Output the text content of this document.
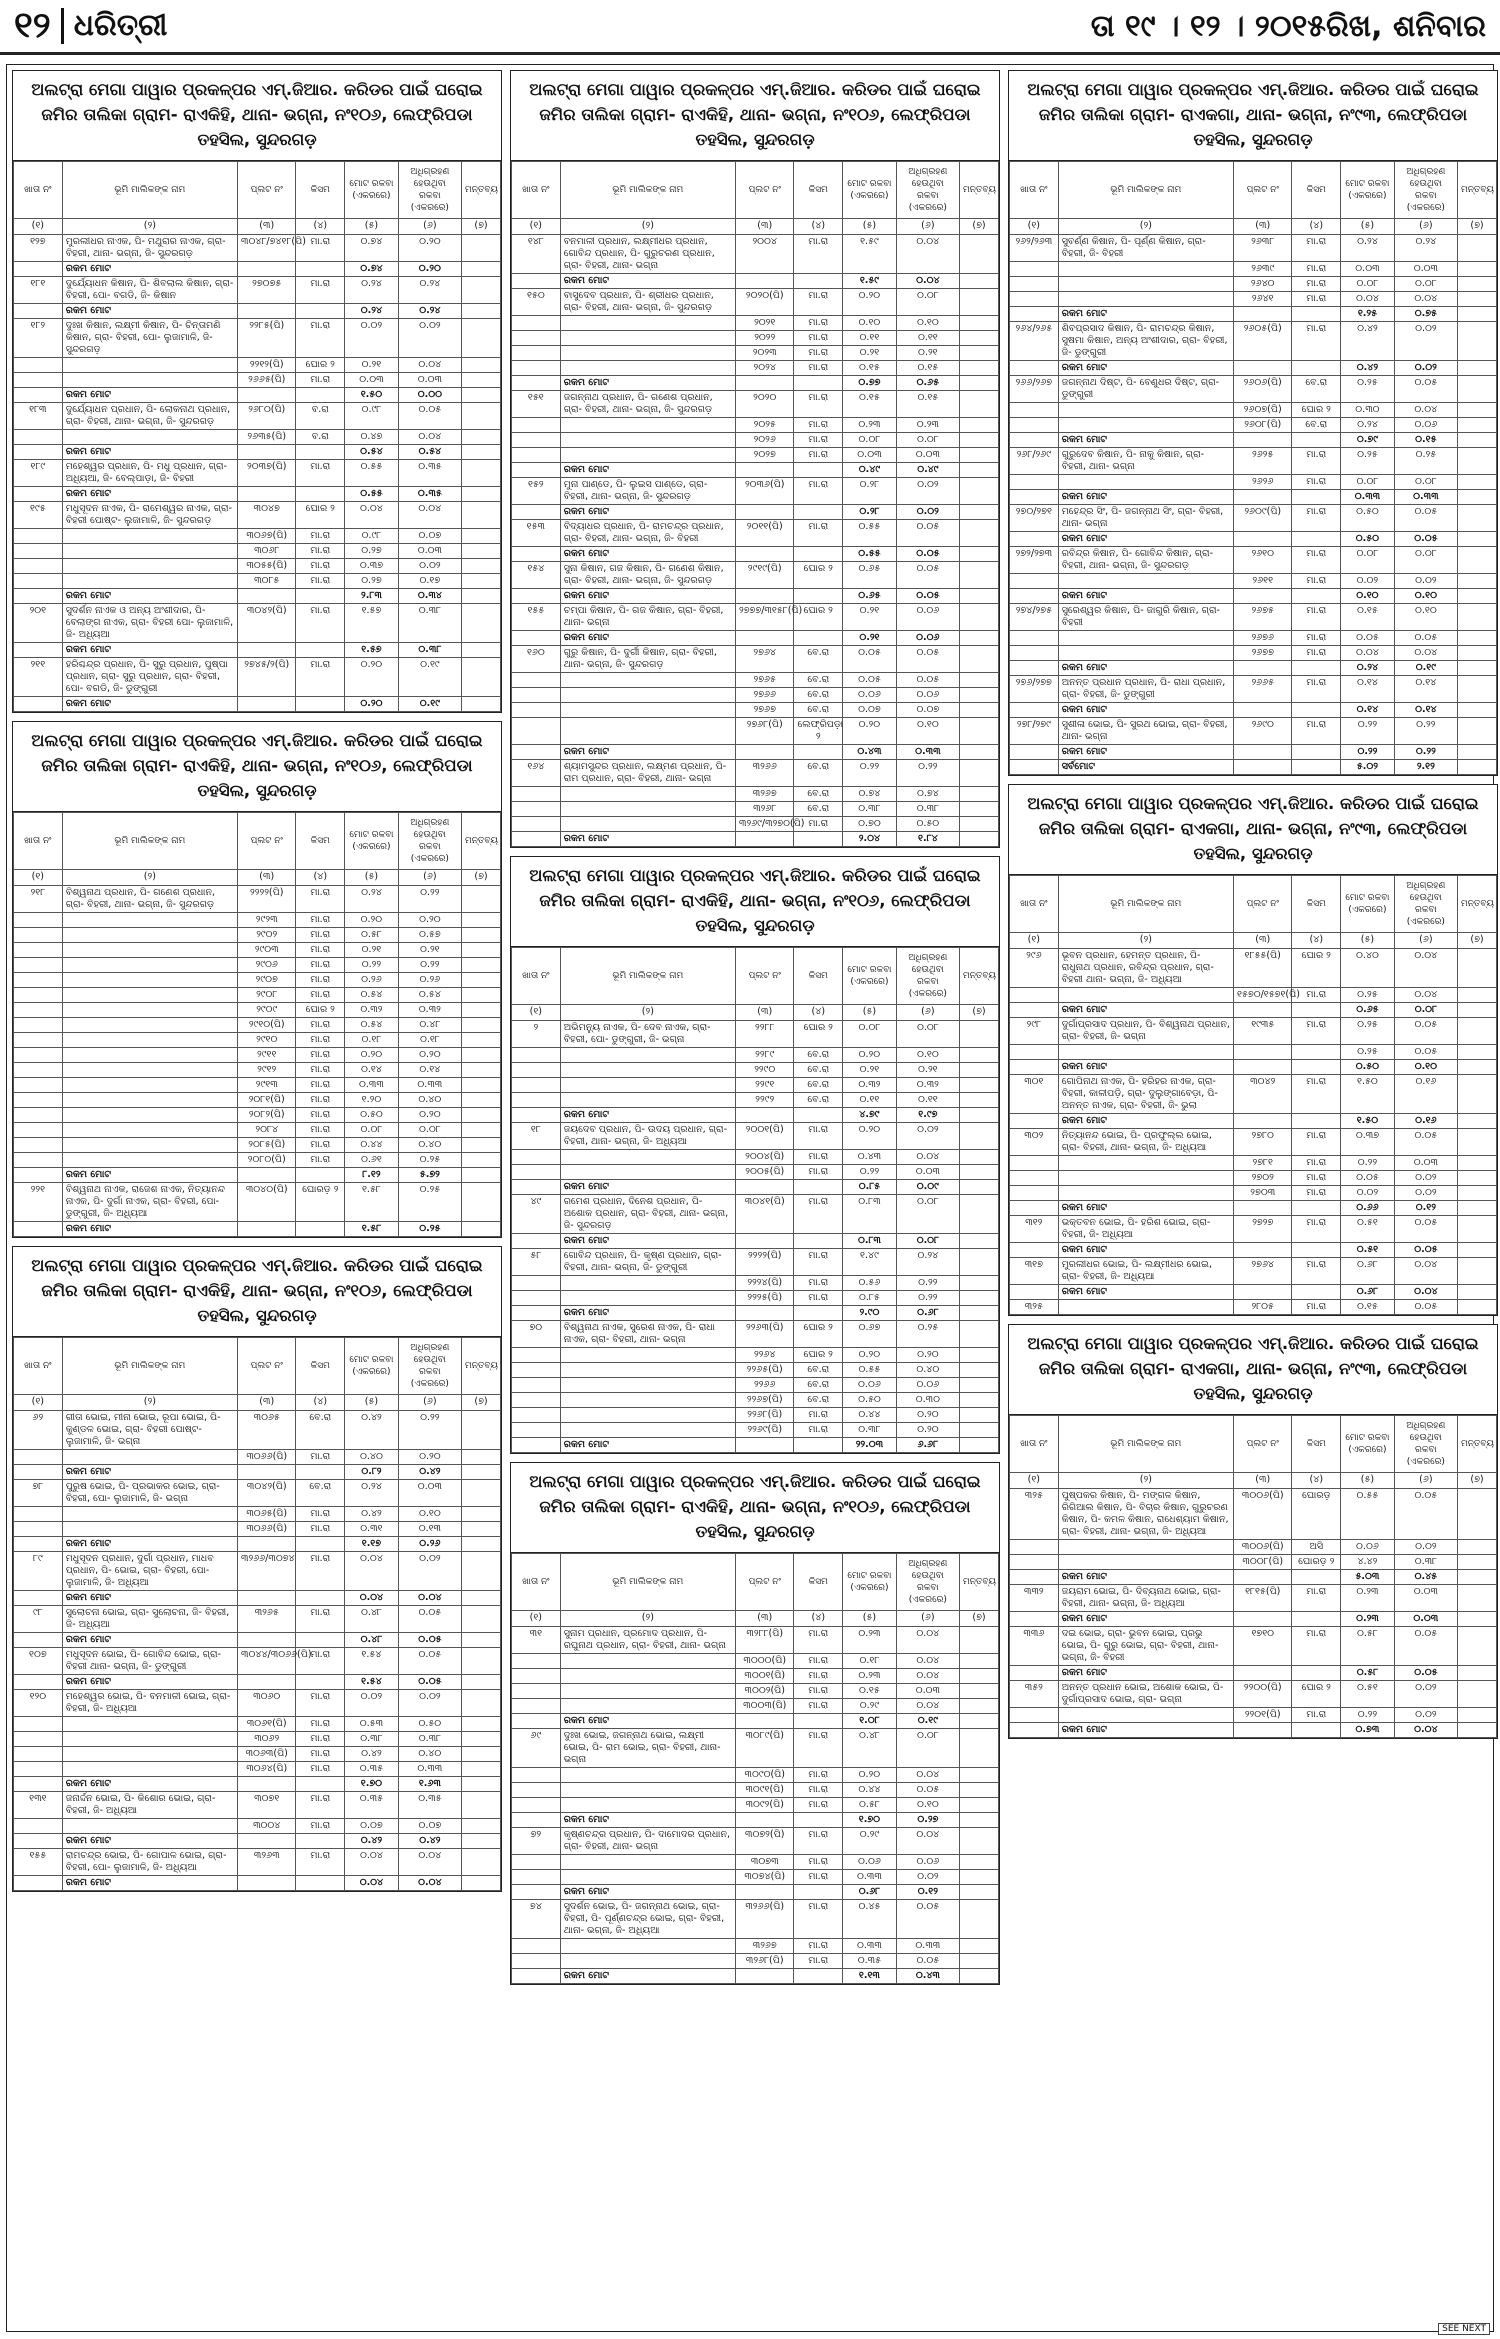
୧୨ ଧରିତ୍ରୀ	ତା ୧୯ । ୧୨ । ୨୦୧୫ରିଖ, ଶନିବାର
ଅଲଟ୍ରା ମେଗା ପାୱାର ପ୍ରକଳ୍ପର ଏମ୍.ଜିଆର. କରିଡର ପାଇଁ ଘରୋଇ ଜମିର ତାଲିକା ଗ୍ରାମ- ରାଏକିହି, ଥାନା- ଭଗ୍ନା, ନଂ୧୦୬, ଲେଫ୍ରିପଡା ତହସିଲ, ସୁନ୍ଦରଗଡ଼
ଖାତା ନଂ	ଭୂମି ମାଲିକଙ୍କ ନାମ	ପ୍ଲଟ ନଂ	କିସମ	ମୋଟ ରକବା (ଏକରରେ)	ଅଧିଗ୍ରହଣ ହେଉଥିବା ରକବା (ଏକରରେ)	ମନ୍ତବ୍ୟ
(୧)	(୨)	(୩)	(୪)	(୫)	(୬)	(୭)
୧୨୭	ମୁରଲୀଧର ନାଏକ, ପି- ମଥୁରାର ନାଏକ, ଗ୍ରା- ବିହରୀ, ଥାନା- ଭଗ୍ନା, ଜି- ସୁନ୍ଦରଗଡ଼	୩୦୪୮/୭୪୧୮(ପି)	ମା.ରା	୦.୭୪	୦.୨୦	
	ରକମ ମୋଟ			୦.୭୪	୦.୨୦	
୧୮୧	ଦୁର୍ଯ୍ୟୋଧନ କିଷାନ, ପି- ଶିବଲାଲ କିଷାନ, ଗ୍ରା- ବିହରୀ, ପୋ- ବଗଡି, ଜି- କିଷାନ	୨୭୦୭୫	ମା.ରା	୦.୨୪	୦.୨୪	
	ରକମ ମୋଟ			୦.୨୪	୦.୨୪	
୧୮୨	ଦୁଃଖ କିଷାନ, ଲକ୍ଷ୍ମୀ କିଷାନ, ପି- ଚିନ୍ତାମଣି କିଷାନ, ଗ୍ରା- ବିହରୀ, ପୋ- ଲୁଜାମାଳି, ଜି- ସୁନ୍ଦରଗଡ଼	୨୨୮୫(ପି)	ମା.ରା	୦.୦୨	୦.୦୨	
		୨୨୧୨(ପି)	ଘୋର ୨	୦.୨୧	୦.୦୪	
		୨୬୬୫(ପି)	ମା.ରା	୦.୦୩	୦.୦୩	
	ରକମ ମୋଟ			୧.୫୦	୦.୦୦	
୧୮୩	ଦୁର୍ଯ୍ୟୋଧନ ପ୍ରଧାନ, ପି- ଲୋକନାଥ ପ୍ରଧାନ, ଗ୍ରା- ବିହରୀ, ଥାନା- ଭଗ୍ନା, ଜି- ସୁନ୍ଦରଗଡ଼	୨୬୮୦(ପି)	ବ.ରା	୦.୯୮	୦.୦୫	
		୨୬୩୫(ପି)	ବ.ରା	୦.୪୭	୦.୦୪	
	ରକମ ମୋଟ			୦.୫୪	୦.୫୪	
୧୮୯	ମହେଶ୍ୱର ପ୍ରଧାନ, ପି- ମଧୁ ପ୍ରଧାନ, ଗ୍ରା- ଅଧ୍ୟିଆ, ଜି- ବେଲ୍ପାଡ଼ା, ଜି- ବିହରୀ	୨୦୩୭(ପି)	ମା.ରା	୦.୫୫	୦.୩୫	
	ରକମ ମୋଟ			୦.୫୫	୦.୩୫	
୧୯୫	ମଧୁସୂଦନ ନାଏକ, ପି- ରାମେଶ୍ୱର ନାଏକ, ଗ୍ରା- ବିହରୀ ପୋଷ୍ଟ- ଲୁଜାମାଳି, ଜି- ସୁନ୍ଦରଗଡ଼	୩୦୪୭	ଘୋର ୨	୦.୦୪	୦.୦୪	
		୩୦୬୭(ପି)	ମା.ରା	୦.୯୮	୦.୦୭	
		୩୦୬୮	ମା.ରା	୦.୨୭	୦.୦୩	
		୩୦୫୫(ପି)	ମା.ରା	୦.୩୭	୦.୦୨	
		୩୦୮୫	ମା.ରା	୦.୨୭	୦.୧୭	
	ରକମ ମୋଟ			୨.୮୩	୦.୩୪	
୨୦୧	ସୁଦର୍ଶନ ନାଏକ ଓ ଅନ୍ୟ ଅଂଶୀଦାର, ପି- ବେଲାଙ୍ଗ ନାଏକ, ଗ୍ରା- ବିହରୀ ପୋ- ଲୁଜାମାଳି, ଜି- ଅଧ୍ୟିଆ	୩୦୪୨(ପି)	ମା.ରା	୧.୫୭	୦.୩୮	
	ରକମ ମୋଟ			୧.୫୭	୦.୩୮	
୨୧୧	ହରିଶ୍ଚନ୍ଦ୍ର ପ୍ରଧାନ, ପି- ସୁରୁ ପ୍ରଧାନ, ପୁଷ୍ପା ପ୍ରଧାନ, ଗ୍ରା- ସୁରୁ ପ୍ରଧାନ, ଗ୍ରା- ବିହରୀ, ପୋ- ବଗଡି, ଜି- ଡୁଙ୍ଗୁରୀ	୨୭୪୫/୨(ପି)	ମା.ରା	୦.୨୦	୦.୧୯	
	ରକମ ମୋଟ			୦.୨୦	୦.୧୯	
ଅଲଟ୍ରା ମେଗା ପାୱାର ପ୍ରକଳ୍ପର ଏମ୍.ଜିଆର. କରିଡର ପାଇଁ ଘରୋଇ ଜମିର ତାଲିକା ଗ୍ରାମ- ରାଏକିହି, ଥାନା- ଭଗ୍ନା, ନଂ୧୦୬, ଲେଫ୍ରିପଡା ତହସିଲ, ସୁନ୍ଦରଗଡ଼
ଖାତା ନଂ	ଭୂମି ମାଲିକଙ୍କ ନାମ	ପ୍ଲଟ ନଂ	କିସମ	ମୋଟ ରକବା (ଏକରରେ)	ଅଧିଗ୍ରହଣ ହେଉଥିବା ରକବା (ଏକରରେ)	ମନ୍ତବ୍ୟ
(୧)	(୨)	(୩)	(୪)	(୫)	(୬)	(୭)
୨୧୮	ବିଶ୍ୱନାଥ ପ୍ରଧାନ, ପି- ଗଣେଶ ପ୍ରଧାନ, ଗ୍ରା- ବିହରୀ, ଥାନା- ଭଗ୍ନା, ଜି- ସୁନ୍ଦରଗଡ଼	୨୨୨୨(ପି)	ମା.ରା	୦.୨୪	୦.୨୨	
		୨୯୨୩	ମା.ରା	୦.୨୦	୦.୨୦	
		୨୯୦୨	ମା.ରା	୦.୫୮	୦.୫୭	
		୨୯୦୩	ମା.ରା	୦.୨୧	୦.୨୧	
		୨୯୦୬	ମା.ରା	୦.୨୨	୦.୨୨	
		୨୯୦୭	ମା.ରା	୦.୨୬	୦.୨୬	
		୨୯୦୮	ମା.ରା	୦.୫୪	୦.୫୪	
		୨୯୦୯	ଘୋର ୨	୦.୩୨	୦.୩୨	
		୨୯୧୦(ପି)	ମା.ରା	୦.୫୪	୦.୪୮	
		୨୯୧୦	ମା.ରା	୦.୧୮	୦.୧୮	
		୨୯୧୧	ମା.ରା	୦.୨୦	୦.୨୦	
		୨୯୧୨	ମା.ରା	୦.୧୪	୦.୧୪	
		୨୯୧୩	ମା.ରା	୦.୩୩	୦.୩୩	
		୨୦୮୧(ପି)	ମା.ରା	୧.୨୦	୦.୪୦	
		୨୦୮୨(ପି)	ମା.ରା	୦.୫୦	୦.୨୦	
		୨୦୮୪	ମା.ରା	୦.୦୮	୦.୦୮	
		୨୦୮୫(ପି)	ମା.ରା	୦.୪୪	୦.୪୦	
		୨୦୮୦(ପି)	ମା.ରା	୦.୬୧	୦.୨୫	
	ରକମ ମୋଟ			୮.୧୨	୫.୭୨	
୨୨୧	ବିଶ୍ୱନାଥ ନାଏକ, ରାଜେଶ ନାଏକ, ନିତ୍ୟାନନ୍ଦ ନାଏକ, ପି- ଦୁର୍ଗା ନାଏକ, ଗ୍ରା- ବିହରୀ, ପୋ- ଡୁଙ୍ଗୁରୀ, ଜି- ଅଧ୍ୟିଆ	୩୦୪୦(ପି)	ଘୋରଡ଼ ୨	୧.୫୮	୦.୨୫	
	ରକମ ମୋଟ			୧.୫୮	୦.୨୫	
ଅଲଟ୍ରା ମେଗା ପାୱାର ପ୍ରକଳ୍ପର ଏମ୍.ଜିଆର. କରିଡର ପାଇଁ ଘରୋଇ ଜମିର ତାଲିକା ଗ୍ରାମ- ରାଏକିହି, ଥାନା- ଭଗ୍ନା, ନଂ୧୦୬, ଲେଫ୍ରିପଡା ତହସିଲ, ସୁନ୍ଦରଗଡ଼
ଖାତା ନଂ	ଭୂମି ମାଲିକଙ୍କ ନାମ	ପ୍ଲଟ ନଂ	କିସମ	ମୋଟ ରକବା (ଏକରରେ)	ଅଧିଗ୍ରହଣ ହେଉଥିବା ରକବା (ଏକରରେ)	ମନ୍ତବ୍ୟ
(୧)	(୨)	(୩)	(୪)	(୫)	(୬)	(୭)
୬୨	ଗୀତା ଭୋଇ, ମୀନା ଭୋଇ, ରୂପା ଭୋଇ, ପି- କୁଣ୍ଡଳ ଭୋଇ, ଗ୍ରା- ବିହରୀ ପୋଷ୍ଟ- ଲୁଜାମାଳି, ଜି- ଭଗ୍ନା	୩୦୬୫	ବେ.ରା	୦.୪୨	୦.୨୨	
		୩୦୬୬(ପି)	ମା.ରା	୦.୪୦	୦.୨୦	
	ରକମ ମୋଟ			୦.୮୨	୦.୪୨	
୭୮	ପୁରୁଷ ଭୋଇ, ପି- ପ୍ରଭାକର ଭୋଇ, ଗ୍ରା- ବିହରୀ, ପୋ- ଲୁଜାମାଳି, ଜି- ଭଗ୍ନା	୩୦୪୨(ପି)	ବେ.ରା	୦.୨୪	୦.୦୩	
		୩୦୬୫(ପି)	ମା.ରା	୦.୪୨	୦.୧୦	
		୩୦୬୬(ପି)	ମା.ରା	୦.୩୧	୦.୧୩	
	ରକମ ମୋଟ			୧.୧୭	୦.୨୬	
୮୯	ମଧୁସୂଦନ ପ୍ରଧାନ, ଦୁର୍ଗା ପ୍ରଧାନ, ମାଧବ ପ୍ରଧାନ, ପି- ଭୋଇ, ଗ୍ରା- ବିହରୀ, ପୋ- ଲୁଜାମାଳି, ଜି- ଅଧ୍ୟିଆ	୩୨୬୬/୩୦୭୪	ମା.ରା	୦.୦୪	୦.୦୨	
	ରକମ ମୋଟ			୦.୦୪	୦.୦୪	
୯୮	ସୁଲୋଚନା ଭୋଇ, ଗ୍ରା- ସୁଲୋଚନା, ଜି- ବିହରୀ, ଜି- ଅଧ୍ୟିଆ	୩୨୬୫	ମା.ରା	୦.୪୮	୦.୦୫	
	ରକମ ମୋଟ			୦.୪୮	୦.୦୫	
୧୦୭	ମଧୁସୂଦନ ଭୋଇ, ପି- ଗୋବିନ୍ଦ ଭୋଇ, ଗ୍ରା- ବିହରୀ ଥାନା- ଭଗ୍ନା, ଜି- ଡୁଙ୍ଗୁରୀ	୩୦୪୪/୩୦୬୬(ପି)	ମା.ରା	୧.୫୪	୦.୦୫	
	ରକମ ମୋଟ			୧.୫୪	୦.୦୫	
୧୨୦	ମହେଶ୍ୱର ଭୋଇ, ପି- ବନମାଳୀ ଭୋଇ, ଗ୍ରା- ବିହରୀ, ଜି- ଅଧ୍ୟିଆ	୩୦୬୦	ମା.ରା	୦.୦୨	୦.୦୨	
		୩୦୬୧(ପି)	ମା.ରା	୦.୫୩	୦.୫୦	
		୩୦୬୨	ମା.ରା	୦.୩୮	୦.୩୮	
		୩୦୬୩(ପି)	ମା.ରା	୦.୪୨	୦.୪୦	
		୩୦୬୪(ପି)	ମା.ରା	୦.୩୫	୦.୩୩	
	ରକମ ମୋଟ			୧.୭୦	୧.୬୩	
୧୩୧	ଜନାର୍ଦ୍ଦନ ଭୋଇ, ପି- କିଶୋର ଭୋଇ, ଗ୍ରା- ବିହରୀ, ଜି- ଅଧ୍ୟିଆ	୩୦୭୧	ମା.ରା	୦.୩୫	୦.୩୫	
		୩୦୦୪	ମା.ରା	୦.୦୭	୦.୦୭	
	ରକମ ମୋଟ			୦.୪୨	୦.୪୨	
୧୫୫	ରାମଚନ୍ଦ୍ର ଭୋଇ, ପି- ଗୋପାଳ ଭୋଇ, ଗ୍ରା- ବିହରୀ, ପୋ- ଲୁଜାମାଳି, ଜି- ଅଧ୍ୟିଆ	୩୨୬୩	ମା.ରା	୦.୦୪	୦.୦୪	
	ରକମ ମୋଟ			୦.୦୪	୦.୦୪	
ଅଲଟ୍ରା ମେଗା ପାୱାର ପ୍ରକଳ୍ପର ଏମ୍.ଜିଆର. କରିଡର ପାଇଁ ଘରୋଇ ଜମିର ତାଲିକା ଗ୍ରାମ- ରାଏକିହି, ଥାନା- ଭଗ୍ନା, ନଂ୧୦୬, ଲେଫ୍ରିପଡା ତହସିଲ, ସୁନ୍ଦରଗଡ଼
ଖାତା ନଂ	ଭୂମି ମାଲିକଙ୍କ ନାମ	ପ୍ଲଟ ନଂ	କିସମ	ମୋଟ ରକବା (ଏକରରେ)	ଅଧିଗ୍ରହଣ ହେଉଥିବା ରକବା (ଏକରରେ)	ମନ୍ତବ୍ୟ
(୧)	(୨)	(୩)	(୪)	(୫)	(୬)	(୭)
୧୪୮	ବନମାଳୀ ପ୍ରଧାନ, ଲକ୍ଷ୍ମୀଧର ପ୍ରଧାନ, ଗୋବିନ୍ଦ ପ୍ରଧାନ, ପି- ଗୁରୁଚରଣ ପ୍ରଧାନ, ଗ୍ରା- ବିହରୀ, ଥାନା- ଭଗ୍ନା	୨୦୦୪	ମା.ରା	୧.୫୯	୦.୦୪	
	ରକମ ମୋଟ			୧.୫୯	୦.୦୪	
୧୫୦	ବାସୁଦେବ ପ୍ରଧାନ, ପି- ଶ୍ରୀଧର ପ୍ରଧାନ, ଗ୍ରା- ବିହରୀ, ଥାନା- ଭଗ୍ନା, ଜି- ସୁନ୍ଦରଗଡ଼	୨୦୨୦(ପି)	ମା.ରା	୦.୨୦	୦.୦୮	
		୨୦୨୧	ମା.ରା	୦.୧୦	୦.୧୦	
		୨୦୨୨	ମା.ରା	୦.୧୧	୦.୧୧	
		୨୦୨୩	ମା.ରା	୦.୨୧	୦.୨୧	
		୨୦୨୪	ମା.ରା	୦.୧୫	୦.୧୫	
	ରକମ ମୋଟ			୦.୭୭	୦.୬୫	
୧୫୧	ଜଗନ୍ନାଥ ପ୍ରଧାନ, ପି- ଗଣେଶ ପ୍ରଧାନ, ଗ୍ରା- ବିହରୀ, ଥାନା- ଭଗ୍ନା, ଜି- ସୁନ୍ଦରଗଡ଼	୨୦୨୦	ମା.ରା	୦.୧୫	୦.୧୫	
		୨୦୨୫	ମା.ରା	୦.୨୩	୦.୨୩	
		୨୦୨୬	ମା.ରା	୦.୦୮	୦.୦୮	
		୨୦୨୭	ମା.ରା	୦.୦୩	୦.୦୩	
	ରକମ ମୋଟ			୦.୪୯	୦.୪୯	
୧୫୨	ମୁନା ପାଣ୍ଡେ, ପି- ଲୁଇସ ପାଣ୍ଡେ, ଗ୍ରା- ବିହରୀ, ଥାନା- ଭଗ୍ନା, ଜି- ସୁନ୍ଦରଗଡ଼	୨୦୩୬(ପି)	ମା.ରା	୦.୨୮	୦.୦୨	
	ରକମ ମୋଟ			୦.୨୮	୦.୦୨	
୧୫୩	ବିଦ୍ୟାଧର ପ୍ରଧାନ, ପି- ରାମଚନ୍ଦ୍ର ପ୍ରଧାନ, ଗ୍ରା- ବିହରୀ, ଥାନା- ଭଗ୍ନା, ଜି- ବିହରୀ	୨୦୧୧(ପି)	ମା.ରା	୦.୫୫	୦.୦୫	
	ରକମ ମୋଟ			୦.୫୫	୦.୦୫	
୧୫୪	ସୁନା କିଷାନ, ଗଜ କିଷାନ, ପି- ଗଣେଶ କିଷାନ, ଗ୍ରା- ବିହରୀ, ଥାନା- ଭଗ୍ନା, ଜି- ସୁନ୍ଦରଗଡ଼	୨୯୧୯(ପି)	ଘୋର ୨	୦.୬୫	୦.୦୫	
	ରକମ ମୋଟ			୦.୬୫	୦.୦୫	
୧୫୫	ଚମ୍ପା କିଷାନ, ପି- ଗଜ କିଷାନ, ଗ୍ରା- ବିହରୀ, ଥାନା- ଭଗ୍ନା	୨୭୭୭/୩୧୫୮(ପି)	ଘୋର ୨	୦.୨୧	୦.୦୬	
	ରକମ ମୋଟ			୦.୨୧	୦.୦୬	
୧୬୦	ଗୁରୁ କିଷାନ, ପି- ଦୁର୍ଗୀ କିଷାନ, ଗ୍ରା- ବିହରୀ, ଥାନା- ଭଗ୍ନା, ଜି- ସୁନ୍ଦରଗଡ଼	୨୭୬୪	ବେ.ରା	୦.୦୫	୦.୦୫	
		୨୭୬୫	ବେ.ରା	୦.୦୫	୦.୦୫	
		୨୭୬୬	ବେ.ରା	୦.୦୬	୦.୦୬	
		୨୭୬୭	ବେ.ରା	୦.୦୭	୦.୦୭	
		୨୭୬୮(ପି)	ଲେଫ୍ରିପଡ଼ା ୨	୦.୨୦	୦.୧୦	
	ରକମ ମୋଟ			୦.୪୩	୦.୩୩	
୧୬୪	ଶ୍ୟାମସୁନ୍ଦର ପ୍ରଧାନ, ଲକ୍ଷ୍ମଣ ପ୍ରଧାନ, ପି- ରାମ ପ୍ରଧାନ, ଗ୍ରା- ବିହରୀ, ଥାନା- ଭଗ୍ନା	୩୨୬୬	ବେ.ରା	୦.୨୨	୦.୨୨	
		୩୨୬୭	ବେ.ରା	୦.୭୪	୦.୭୪	
		୩୨୬୮	ବେ.ରା	୦.୩୮	୦.୩୮	
		୩୨୬୯/୩୨୭୦(ପି)	ମା.ରା	୦.୭୦	୦.୫୦	
	ରକମ ମୋଟ			୨.୦୪	୧.୮୪	
ଅଲଟ୍ରା ମେଗା ପାୱାର ପ୍ରକଳ୍ପର ଏମ୍.ଜିଆର. କରିଡର ପାଇଁ ଘରୋଇ ଜମିର ତାଲିକା ଗ୍ରାମ- ରାଏକିହି, ଥାନା- ଭଗ୍ନା, ନଂ୧୦୬, ଲେଫ୍ରିପଡା ତହସିଲ, ସୁନ୍ଦରଗଡ଼
ଖାତା ନଂ	ଭୂମି ମାଲିକଙ୍କ ନାମ	ପ୍ଲଟ ନଂ	କିସମ	ମୋଟ ରକବା (ଏକରରେ)	ଅଧିଗ୍ରହଣ ହେଉଥିବା ରକବା (ଏକରରେ)	ମନ୍ତବ୍ୟ
(୧)	(୨)	(୩)	(୪)	(୫)	(୬)	(୭)
୨	ଅଭିମନ୍ୟୁ ନାଏକ, ପି- ଦେବ ନାଏକ, ଗ୍ରା- ବିହରୀ, ପୋ- ଡୁଙ୍ଗୁରୀ, ଜି- ଭଗ୍ନା	୨୨୮୮	ଘୋର ୨	୦.୦୮	୦.୦୮	
		୨୨୮୯	ବେ.ରା	୦.୨୦	୦.୧୦	
		୨୨୯୦	ବେ.ରା	୦.୨୧	୦.୨୧	
		୨୨୯୧	ବେ.ରା	୦.୩୨	୦.୩୨	
		୨୨୯୨	ବେ.ରା	୦.୧୧	୦.୧୧	
	ରକମ ମୋଟ			୪.୭୯	୧.୯୭	
୧୮	ଜୟଦେବ ପ୍ରଧାନ, ପି- ଉଦୟ ପ୍ରଧାନ, ଗ୍ରା- ବିହରୀ, ଥାନା- ଭଗ୍ନା, ଜି- ଅଧ୍ୟିଆ	୨୦୦୧(ପି)	ମା.ରା	୦.୨୦	୦.୦୨	
		୨୦୦୪(ପି)	ମା.ରା	୦.୪୩	୦.୦୪	
		୨୦୦୫(ପି)	ମା.ରା	୦.୨୨	୦.୦୩	
	ରକମ ମୋଟ			୦.୮୫	୦.୦୯	
୪୯	ରମେଶ ପ୍ରଧାନ, ଦିନେଶ ପ୍ରଧାନ, ପି- ଅଶୋକ ପ୍ରଧାନ, ଗ୍ରା- ବିହରୀ, ଥାନା- ଭଗ୍ନା, ଜି- ସୁନ୍ଦରଗଡ଼	୩୦୪୧(ପି)	ମା.ରା	୦.୮୩	୦.୦୮	
	ରକମ ମୋଟ			୦.୮୩	୦.୦୮	
୫୮	ଗୋବିନ୍ଦ ପ୍ରଧାନ, ପି- କୃଷ୍ଣ ପ୍ରଧାନ, ଗ୍ରା- ବିହରୀ, ଥାନା- ଭଗ୍ନା, ଜି- ଡୁଙ୍ଗୁରୀ	୨୨୨୨(ପି)	ମା.ରା	୧.୪୯	୦.୨୪	
		୨୨୨୪(ପି)	ମା.ରା	୦.୫୬	୦.୨୨	
		୨୨୨୫(ପି)	ମା.ରା	୦.୮୫	୦.୨୨	
	ରକମ ମୋଟ			୨.୯୦	୦.୬୮	
୭୦	ବିଶ୍ୱନାଥ ନାଏକ, ସୁରେଶ ନାଏକ, ପି- ରାଧା ନାଏକ, ଗ୍ରା- ବିହରୀ, ଥାନା- ଭଗ୍ନା	୨୨୬୩(ପି)	ଘୋର ୨	୦.୬୭	୦.୨୫	
		୨୨୬୪	ଘୋର ୨	୦.୨୦	୦.୨୦	
		୨୨୬୫(ପି)	ବେ.ରା	୦.୫୫	୦.୪୦	
		୨୨୬୬	ବେ.ରା	୦.୦୬	୦.୦୬	
		୨୨୬୭(ପି)	ବେ.ରା	୦.୫୦	୦.୩୦	
		୨୨୬୮(ପି)	ମା.ରା	୦.୪୪	୦.୨୦	
		୨୨୬୯(ପି)	ମା.ରା	୦.୩୮	୦.୨୦	
	ରକମ ମୋଟ			୨୨.୦୩	୬.୬୮	
ଅଲଟ୍ରା ମେଗା ପାୱାର ପ୍ରକଳ୍ପର ଏମ୍.ଜିଆର. କରିଡର ପାଇଁ ଘରୋଇ ଜମିର ତାଲିକା ଗ୍ରାମ- ରାଏକିହି, ଥାନା- ଭଗ୍ନା, ନଂ୧୦୬, ଲେଫ୍ରିପଡା ତହସିଲ, ସୁନ୍ଦରଗଡ଼
ଖାତା ନଂ	ଭୂମି ମାଲିକଙ୍କ ନାମ	ପ୍ଲଟ ନଂ	କିସମ	ମୋଟ ରକବା (ଏକରରେ)	ଅଧିଗ୍ରହଣ ହେଉଥିବା ରକବା (ଏକରରେ)	ମନ୍ତବ୍ୟ
(୧)	(୨)	(୩)	(୪)	(୫)	(୬)	(୭)
୩୧	ସୁନାମ ପ୍ରଧାନ, ପ୍ରମୋଦ ପ୍ରଧାନ, ପି- ରଘୁନାଥ ପ୍ରଧାନ, ଗ୍ରା- ବିହରୀ, ଥାନା- ଭଗ୍ନା	୩୨୮୮(ପି)	ମା.ରା	୦.୨୩	୦.୦୪	
		୩୦୦୦(ପି)	ମା.ରା	୦.୧୮	୦.୦୪	
		୩୦୦୧(ପି)	ମା.ରା	୦.୨୩	୦.୦୪	
		୩୦୦୨(ପି)	ମା.ରା	୦.୧୫	୦.୦୩	
		୩୦୦୩(ପି)	ମା.ରା	୦.୨୯	୦.୦୪	
	ରକମ ମୋଟ			୧.୦୮	୦.୧୯	
୬୯	ଦୁଃଖ ଭୋଇ, ଜଗନ୍ନାଥ ଭୋଇ, ଲକ୍ଷ୍ମୀ ଭୋଇ, ପି- ରାମ ଭୋଇ, ଗ୍ରା- ବିହରୀ, ଥାନା- ଭଗ୍ନା	୩୦୮୯(ପି)	ମା.ରା	୦.୪୮	୦.୦୮	
		୩୦୯୦(ପି)	ମା.ରା	୦.୨୦	୦.୦୪	
		୩୦୯୧(ପି)	ମା.ରା	୦.୪୪	୦.୦୫	
		୩୦୯୨(ପି)	ମା.ରା	୦.୫୮	୦.୧୦	
	ରକମ ମୋଟ			୧.୭୦	୦.୨୭	
୭୨	କୃଷ୍ଣଚନ୍ଦ୍ର ପ୍ରଧାନ, ପି- ଦାମୋଦର ପ୍ରଧାନ, ଗ୍ରା- ବିହରୀ, ଥାନା- ଭଗ୍ନା	୩୦୭୨(ପି)	ମା.ରା	୦.୨୯	୦.୦୪	
		୩୦୭୩	ମା.ରା	୦.୦୬	୦.୦୬	
		୩୦୭୪(ପି)	ମା.ରା	୦.୩୩	୦.୦୨	
	ରକମ ମୋଟ			୦.୬୮	୦.୧୨	
୭୪	ସୁଦର୍ଶନ ଭୋଇ, ପି- ଜଗନ୍ନାଥ ଭୋଇ, ଗ୍ରା- ବିହରୀ, ପି- ପୂର୍ଣ୍ଣଚନ୍ଦ୍ର ଭୋଇ, ଗ୍ରା- ବିହରୀ, ଥାନା- ଭଗ୍ନା, ଜି- ଅଧ୍ୟିଆ	୩୨୬୬(ପି)	ମା.ରା	୦.୪୫	୦.୦୫	
		୩୨୬୭	ମା.ରା	୦.୩୩	୦.୩୩	
		୩୨୬୮(ପି)	ମା.ରା	୦.୩୫	୦.୦୫	
	ରକମ ମୋଟ			୧.୧୩	୦.୪୩	
ଅଲଟ୍ରା ମେଗା ପାୱାର ପ୍ରକଳ୍ପର ଏମ୍.ଜିଆର. କରିଡର ପାଇଁ ଘରୋଇ ଜମିର ତାଲିକା ଗ୍ରାମ- ରାଏକଗା, ଥାନା- ଭଗ୍ନା, ନଂ୯୩, ଲେଫ୍ରିପଡା ତହସିଲ, ସୁନ୍ଦରଗଡ଼
ଖାତା ନଂ	ଭୂମି ମାଲିକଙ୍କ ନାମ	ପ୍ଲଟ ନଂ	କିସମ	ମୋଟ ରକବା (ଏକରରେ)	ଅଧିଗ୍ରହଣ ହେଉଥିବା ରକବା (ଏକରରେ)	ମନ୍ତବ୍ୟ
(୧)	(୨)	(୩)	(୪)	(୫)	(୬)	(୭)
୨୬୨/୨୬୩	ସୁବର୍ଣ୍ଣ କିଷାନ, ପି- ପୂର୍ଣ୍ଣ କିଷାନ, ଗ୍ରା- ବିହରୀ, ଜି- ବିହରୀ	୨୬୩୮	ମା.ରା	୦.୨୪	୦.୨୪	
		୨୬୩୯	ମା.ରା	୦.୦୩	୦.୦୩	
		୨୬୪୦	ମା.ରା	୦.୦୮	୦.୦୮	
		୨୬୪୧	ମା.ରା	୦.୦୪	୦.୦୪	
	ରକମ ମୋଟ			୧.୨୫	୦.୭୫	
୨୬୪/୨୬୫	ଶିବପ୍ରସାଦ କିଷାନ, ପି- ରାମଚନ୍ଦ୍ର କିଷାନ, ସୁଷମା କିଷାନ, ଅନ୍ୟ ଅଂଶୀଦାର, ଗ୍ରା- ବିହରୀ, ଜି- ଡୁଙ୍ଗୁରୀ	୨୬୦୫(ପି)	ମା.ରା	୦.୪୨	୦.୦୨	
	ରକମ ମୋଟ			୦.୪୨	୦.୦୨	
୨୬୬/୨୬୭	ଜଗନ୍ନାଥ ଦିଷ୍ଟ, ପି- ବେଣୁଧର ଦିଷ୍ଟ, ଗ୍ରା- ଡୁଙ୍ଗୁରୀ	୨୬୦୬(ପି)	ବେ.ରା	୦.୨୫	୦.୦୫	
		୨୬୦୭(ପି)	ଘୋର ୨	୦.୩୦	୦.୦୪	
		୨୬୦୮(ପି)	ବେ.ରା	୦.୨୪	୦.୦୬	
	ରକମ ମୋଟ			୦.୭୯	୦.୧୫	
୨୬୮/୨୬୯	ଗୁରୁଦେବ କିଷାନ, ପି- ନାକୁ କିଷାନ, ଗ୍ରା- ବିହରୀ, ଥାନା- ଭଗ୍ନା	୨୬୨୫	ମା.ରା	୦.୨୫	୦.୨୫	
		୨୬୨୬	ମା.ରା	୦.୦୮	୦.୦୮	
	ରକମ ମୋଟ			୦.୩୩	୦.୩୩	
୨୭୦/୨୭୧	ମହେନ୍ଦ୍ର ସିଂ, ପି- ଜଗନ୍ନାଥ ସିଂ, ଗ୍ରା- ବିହରୀ, ଥାନା- ଭଗ୍ନା	୨୬୦୯(ପି)	ମା.ରା	୦.୫୦	୦.୦୫	
	ରକମ ମୋଟ			୦.୫୦	୦.୦୫	
୨୭୨/୨୭୩	ରବିନ୍ଦ୍ର କିଷାନ, ପି- ଗୋବିନ୍ଦ କିଷାନ, ଗ୍ରା- ବିହରୀ, ଥାନା- ଭଗ୍ନା, ଜି- ସୁନ୍ଦରଗଡ଼	୨୬୧୦	ମା.ରା	୦.୦୮	୦.୦୮	
		୨୬୧୧	ମା.ରା	୦.୦୨	୦.୦୨	
	ରକମ ମୋଟ			୦.୧୦	୦.୧୦	
୨୭୪/୨୭୫	ସୁରେଶ୍ୱର କିଷାନ, ପି- ଜାଗୁରି କିଷାନ, ଗ୍ରା- ବିହରୀ	୨୬୭୫	ମା.ରା	୦.୧୫	୦.୧୦	
		୨୬୭୬	ମା.ରା	୦.୦୫	୦.୦୫	
		୨୬୭୭	ମା.ରା	୦.୦୪	୦.୦୪	
	ରକମ ମୋଟ			୦.୨୪	୦.୧୯	
୨୭୬/୨୭୭	ଅନନ୍ତ ପ୍ରଧାନ ପ୍ରଧାନ, ପି- ରାଧା ପ୍ରଧାନ, ଗ୍ରା- ବିହରୀ, ଜି- ଡୁଙ୍ଗୁରୀ	୨୬୬୫	ମା.ରା	୦.୧୪	୦.୧୪	
	ରକମ ମୋଟ			୦.୧୪	୦.୧୪	
୨୭୮/୨୭୯	ସୁଶୀଳା ଭୋଇ, ପି- ସୁରଥ ଭୋଇ, ଗ୍ରା- ବିହରୀ, ଥାନା- ଭଗ୍ନା	୨୬୯୦	ମା.ରା	୦.୨୨	୦.୨୨	
	ରକମ ମୋଟ			୦.୨୨	୦.୨୨	
	ସର୍ବମୋଟ			୫.୦୨	୨.୧୨	
ଅଲଟ୍ରା ମେଗା ପାୱାର ପ୍ରକଳ୍ପର ଏମ୍.ଜିଆର. କରିଡର ପାଇଁ ଘରୋଇ ଜମିର ତାଲିକା ଗ୍ରାମ- ରାଏକଗା, ଥାନା- ଭଗ୍ନା, ନଂ୯୩, ଲେଫ୍ରିପଡା ତହସିଲ, ସୁନ୍ଦରଗଡ଼
ଖାତା ନଂ	ଭୂମି ମାଲିକଙ୍କ ନାମ	ପ୍ଲଟ ନଂ	କିସମ	ମୋଟ ରକବା (ଏକରରେ)	ଅଧିଗ୍ରହଣ ହେଉଥିବା ରକବା (ଏକରରେ)	ମନ୍ତବ୍ୟ
(୧)	(୨)	(୩)	(୪)	(୫)	(୬)	(୭)
୨୯୬	ଭୂବନ ପ୍ରଧାନ, ହେମନ୍ତ ପ୍ରଧାନ, ପି- ରାଧୁନାଥ ପ୍ରଧାନ, ରବିନ୍ଦ୍ର ପ୍ରଧାନ, ଗ୍ରା- ବିହରୀ ଥାନା- ଭଗ୍ନା, ଜି- ଅଧ୍ୟିଆ	୧୮୫୫(ପି)	ଘୋର ୨	୦.୪୦	୦.୦୪	
		୧୫୭୦/୧୫୭୧(ପି)	ମା.ରା	୦.୨୫	୦.୦୪	
	ରକମ ମୋଟ			୦.୬୫	୦.୦୮	
୨୯୮	ଦୁର୍ଗାପ୍ରସାଦ ପ୍ରଧାନ, ପି- ବିଶ୍ୱନାଥ ପ୍ରଧାନ, ଗ୍ରା- ବିହରୀ, ଜି- ଭଗ୍ନା	୧୯୩୫	ମା.ରା	୦.୨୫	୦.୦୫	
				୦.୨୫	୦.୦୫	
	ରକମ ମୋଟ			୦.୫୦	୦.୧୦	
୩୦୧	ଗୋପିନାଥ ନାଏକ, ପି- ହରିହର ନାଏକ, ଗ୍ରା- ବିହରୀ, କାଳୀପଡ଼ି, ଗ୍ରା- ଦୁଲୁଙ୍ଗାବେଡ଼ା, ପି- ଅନନ୍ତ ନାଏକ, ଗ୍ରା- ବିହରୀ, ଜି- ଭୁଲା	୩୦୪୨	ମା.ରା	୧.୫୦	୦.୧୬	
	ରକମ ମୋଟ			୧.୫୦	୦.୧୬	
୩୦୨	ନିତ୍ୟାନନ୍ଦ ଭୋଇ, ପି- ପ୍ରଫୁଲ୍ଲ ଭୋଇ, ଗ୍ରା- ବିହରୀ, ଥାନା- ଭଗ୍ନା, ଜି- ଅଧ୍ୟିଆ	୨୭୮୦	ମା.ରା	୦.୩୭	୦.୦୫	
		୨୭୮୧	ମା.ରା	୦.୨୨	୦.୦୩	
		୨୭୦୨	ମା.ରା	୦.୦୫	୦.୦୨	
		୨୭୦୩	ମା.ରା	୦.୦୨	୦.୦୨	
	ରକମ ମୋଟ			୦.୬୬	୦.୧୨	
୩୧୨	ଭକ୍ତବନ ଭୋଇ, ପି- ହରିଶ ଭୋଇ, ଗ୍ରା- ବିହରୀ, ଜି- ଅଧ୍ୟିଆ	୨୭୨୭	ମା.ରା	୦.୫୧	୦.୦୫	
	ରକମ ମୋଟ			୦.୫୧	୦.୦୫	
୩୧୭	ମୁରଲୀଧର ଭୋଇ, ପି- ଲକ୍ଷ୍ମୀଧର ଭୋଇ, ଗ୍ରା- ବିହରୀ, ଜି- ଅଧ୍ୟିଆ	୨୭୬୪	ମା.ରା	୦.୬୮	୦.୦୪	
	ରକମ ମୋଟ			୦.୬୮	୦.୦୪	
୩୨୫		୨୮୦୫	ମା.ରା	୦.୧୫	୦.୦୫	
ଅଲଟ୍ରା ମେଗା ପାୱାର ପ୍ରକଳ୍ପର ଏମ୍.ଜିଆର. କରିଡର ପାଇଁ ଘରୋଇ ଜମିର ତାଲିକା ଗ୍ରାମ- ରାଏକଗା, ଥାନା- ଭଗ୍ନା, ନଂ୯୩, ଲେଫ୍ରିପଡା ତହସିଲ, ସୁନ୍ଦରଗଡ଼
ଖାତା ନଂ	ଭୂମି ମାଲିକଙ୍କ ନାମ	ପ୍ଲଟ ନଂ	କିସମ	ମୋଟ ରକବା (ଏକରରେ)	ଅଧିଗ୍ରହଣ ହେଉଥିବା ରକବା (ଏକରରେ)	ମନ୍ତବ୍ୟ
(୧)	(୨)	(୩)	(୪)	(୫)	(୬)	(୭)
୩୨୫	ପୁଷ୍ପକର କିଷାନ, ପି- ମଙ୍ଗଳ କିଷାନ, ରିଗିଆଲ କିଷାନ, ପି- ବିଚାର କିଷାନ, ଗୁରୁଚରଣ କିଷାନ, ପି- କମଳ କିଷାନ, ରାଧେଶ୍ୟାମ କିଷାନ, ଗ୍ରା- ବିହରୀ, ଥାନା- ଭଗ୍ନା, ଜି- ଅଧ୍ୟିଆ	୩୦୦୬(ପି)	ଘୋରଡ଼	୦.୫୫	୦.୦୫	
		୩୦୦୬(ପି)	ଅସି	୦.୦୬	୦.୦୨	
		୩୦୦୮(ପି)	ଘୋରଡ଼ ୨	୪.୪୨	୦.୩୮	
	ରକମ ମୋଟ			୫.୦୩	୦.୪୫	
୩୩୨	ଜୟରାମ ଭୋଇ, ପି- ଦିବ୍ୟନାଥ ଭୋଇ, ଗ୍ରା- ବିହରୀ, ଥାନା- ଭଗ୍ନା, ଜି- ଅଧ୍ୟିଆ	୧୮୧୫(ପି)	ମା.ରା	୦.୨୩	୦.୦୩	
	ରକମ ମୋଟ			୦.୨୩	୦.୦୩	
୩୩୬	ଦଇ ଭୋଇ, ଗ୍ରା- ଭୁବନ ଭୋଇ, ପ୍ରଭୁ ଭୋଇ, ପି- ଗୁରୁ ଭୋଇ, ଗ୍ରା- ବିହରୀ, ଥାନା- ଭଗ୍ନା, ଜି- ବିହରୀ	୧୭୧୦	ମା.ରା	୦.୫୮	୦.୦୫	
	ରକମ ମୋଟ			୦.୫୮	୦.୦୫	
୩୫୨	ଅନନ୍ତ ପ୍ରଧାନ ଭୋଇ, ଅଶୋକ ଭୋଇ, ପି- ଦୁର୍ଗାପ୍ରସାଦ ଭୋଇ, ଗ୍ରା- ଭଗ୍ନା	୨୨୦୦(ପି)	ଘୋର ୨	୦.୫୧	୦.୦୨	
		୨୨୦୧(ପି)	ମା.ରା	୦.୨୨	୦.୦୨	
	ରକମ ମୋଟ			୦.୭୩	୦.୦୪	
SEE NEXT
